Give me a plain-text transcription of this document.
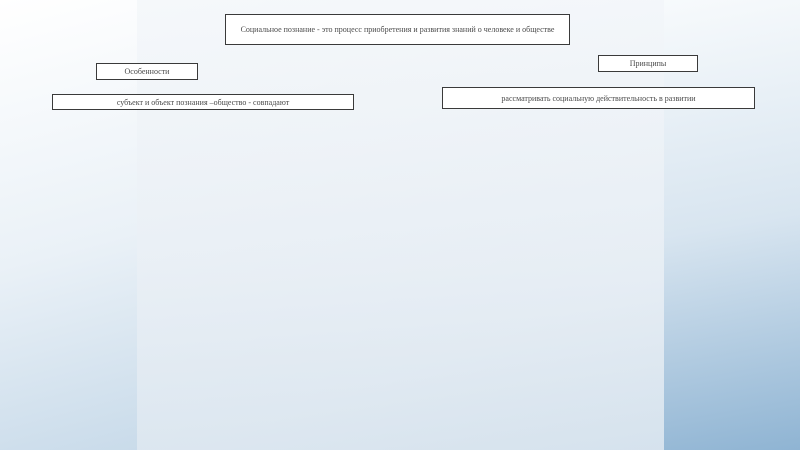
Социальное познание - это процесс приобретения и развития знаний о человеке и обществе
Особенности
Принципы
субъект и объект познания –общество - совпадают	рассматривать социальную действительность в развитии
